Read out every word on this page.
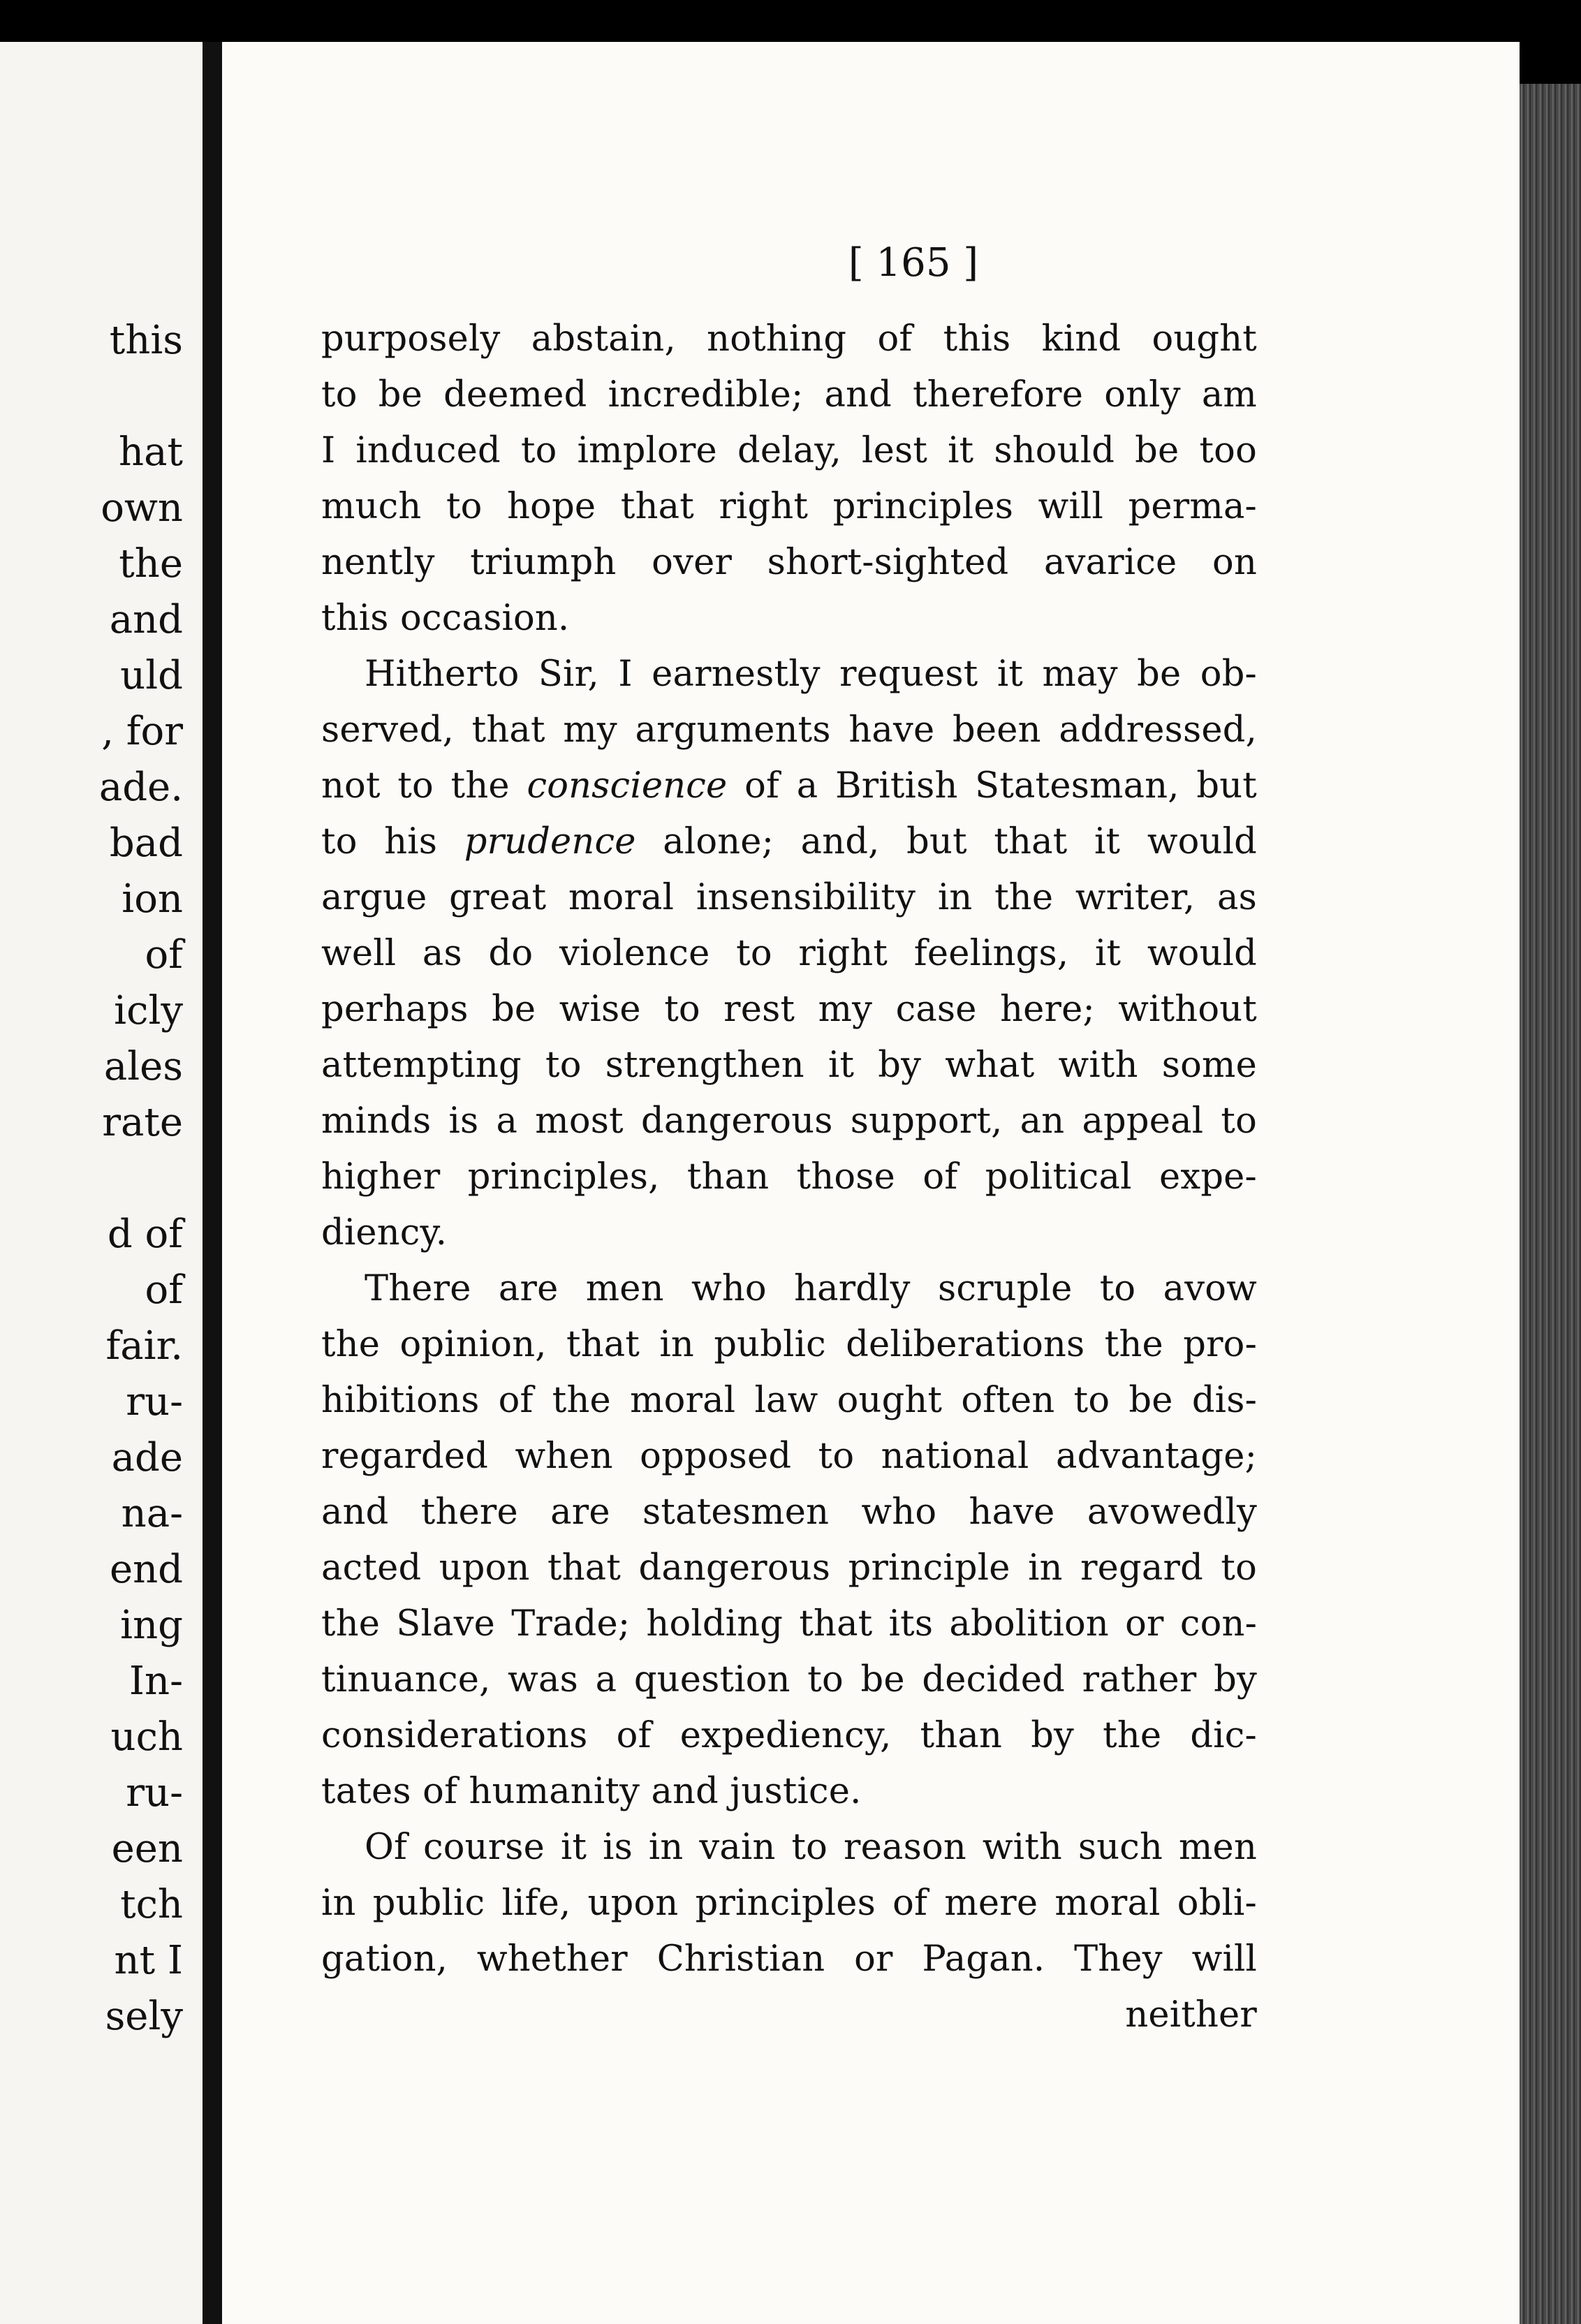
this
hat
own
the
and
uld
, for
ade.
bad
ion
of
icly
ales
rate
d of
of
fair.
ru-
ade
na-
end
ing
In-
uch
ru-
een
tch
nt I
sely
[ 165 ]
purposely abstain, nothing of this kind ought
to be deemed incredible; and therefore only am
I induced to implore delay, lest it should be too
much to hope that right principles will perma-
nently triumph over short-sighted avarice on
this occasion.
Hitherto Sir, I earnestly request it may be ob-
served, that my arguments have been addressed,
not to the conscience of a British Statesman, but
to his prudence alone; and, but that it would
argue great moral insensibility in the writer, as
well as do violence to right feelings, it would
perhaps be wise to rest my case here; without
attempting to strengthen it by what with some
minds is a most dangerous support, an appeal to
higher principles, than those of political expe-
diency.
There are men who hardly scruple to avow
the opinion, that in public deliberations the pro-
hibitions of the moral law ought often to be dis-
regarded when opposed to national advantage;
and there are statesmen who have avowedly
acted upon that dangerous principle in regard to
the Slave Trade; holding that its abolition or con-
tinuance, was a question to be decided rather by
considerations of expediency, than by the dic-
tates of humanity and justice.
Of course it is in vain to reason with such men
in public life, upon principles of mere moral obli-
gation, whether Christian or Pagan. They will
neither
